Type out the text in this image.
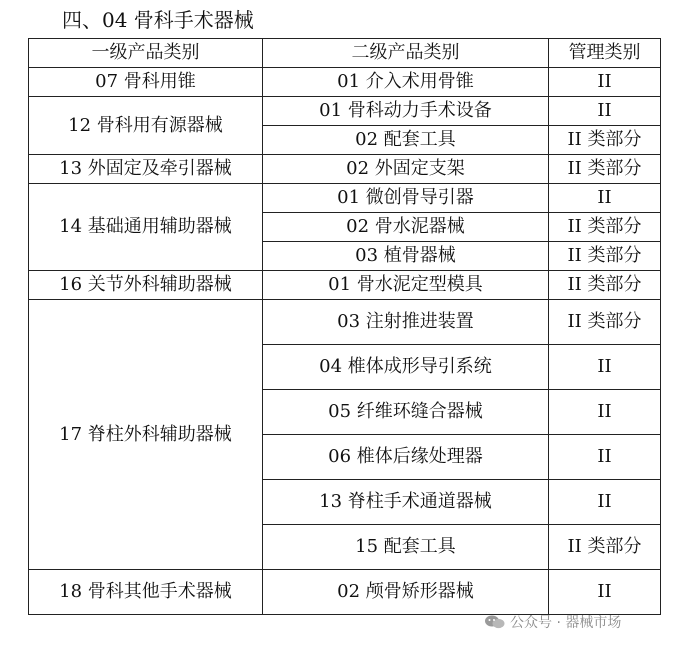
四、04 骨科手术器械
一级产品类别	二级产品类别	管理类别
07 骨科用锥	01 介入术用骨锥	II
12 骨科用有源器械	01 骨科动力手术设备	II
	02 配套工具	II 类部分
13 外固定及牵引器械	02 外固定支架	II 类部分
14 基础通用辅助器械	01 微创骨导引器	II
	02 骨水泥器械	II 类部分
	03 植骨器械	II 类部分
16 关节外科辅助器械	01 骨水泥定型模具	II 类部分
17 脊柱外科辅助器械	03 注射推进装置	II 类部分
	04 椎体成形导引系统	II
	05 纤维环缝合器械	II
	06 椎体后缘处理器	II
	13 脊柱手术通道器械	II
	15 配套工具	II 类部分
18 骨科其他手术器械	02 颅骨矫形器械	II
公众号 · 器械市场
